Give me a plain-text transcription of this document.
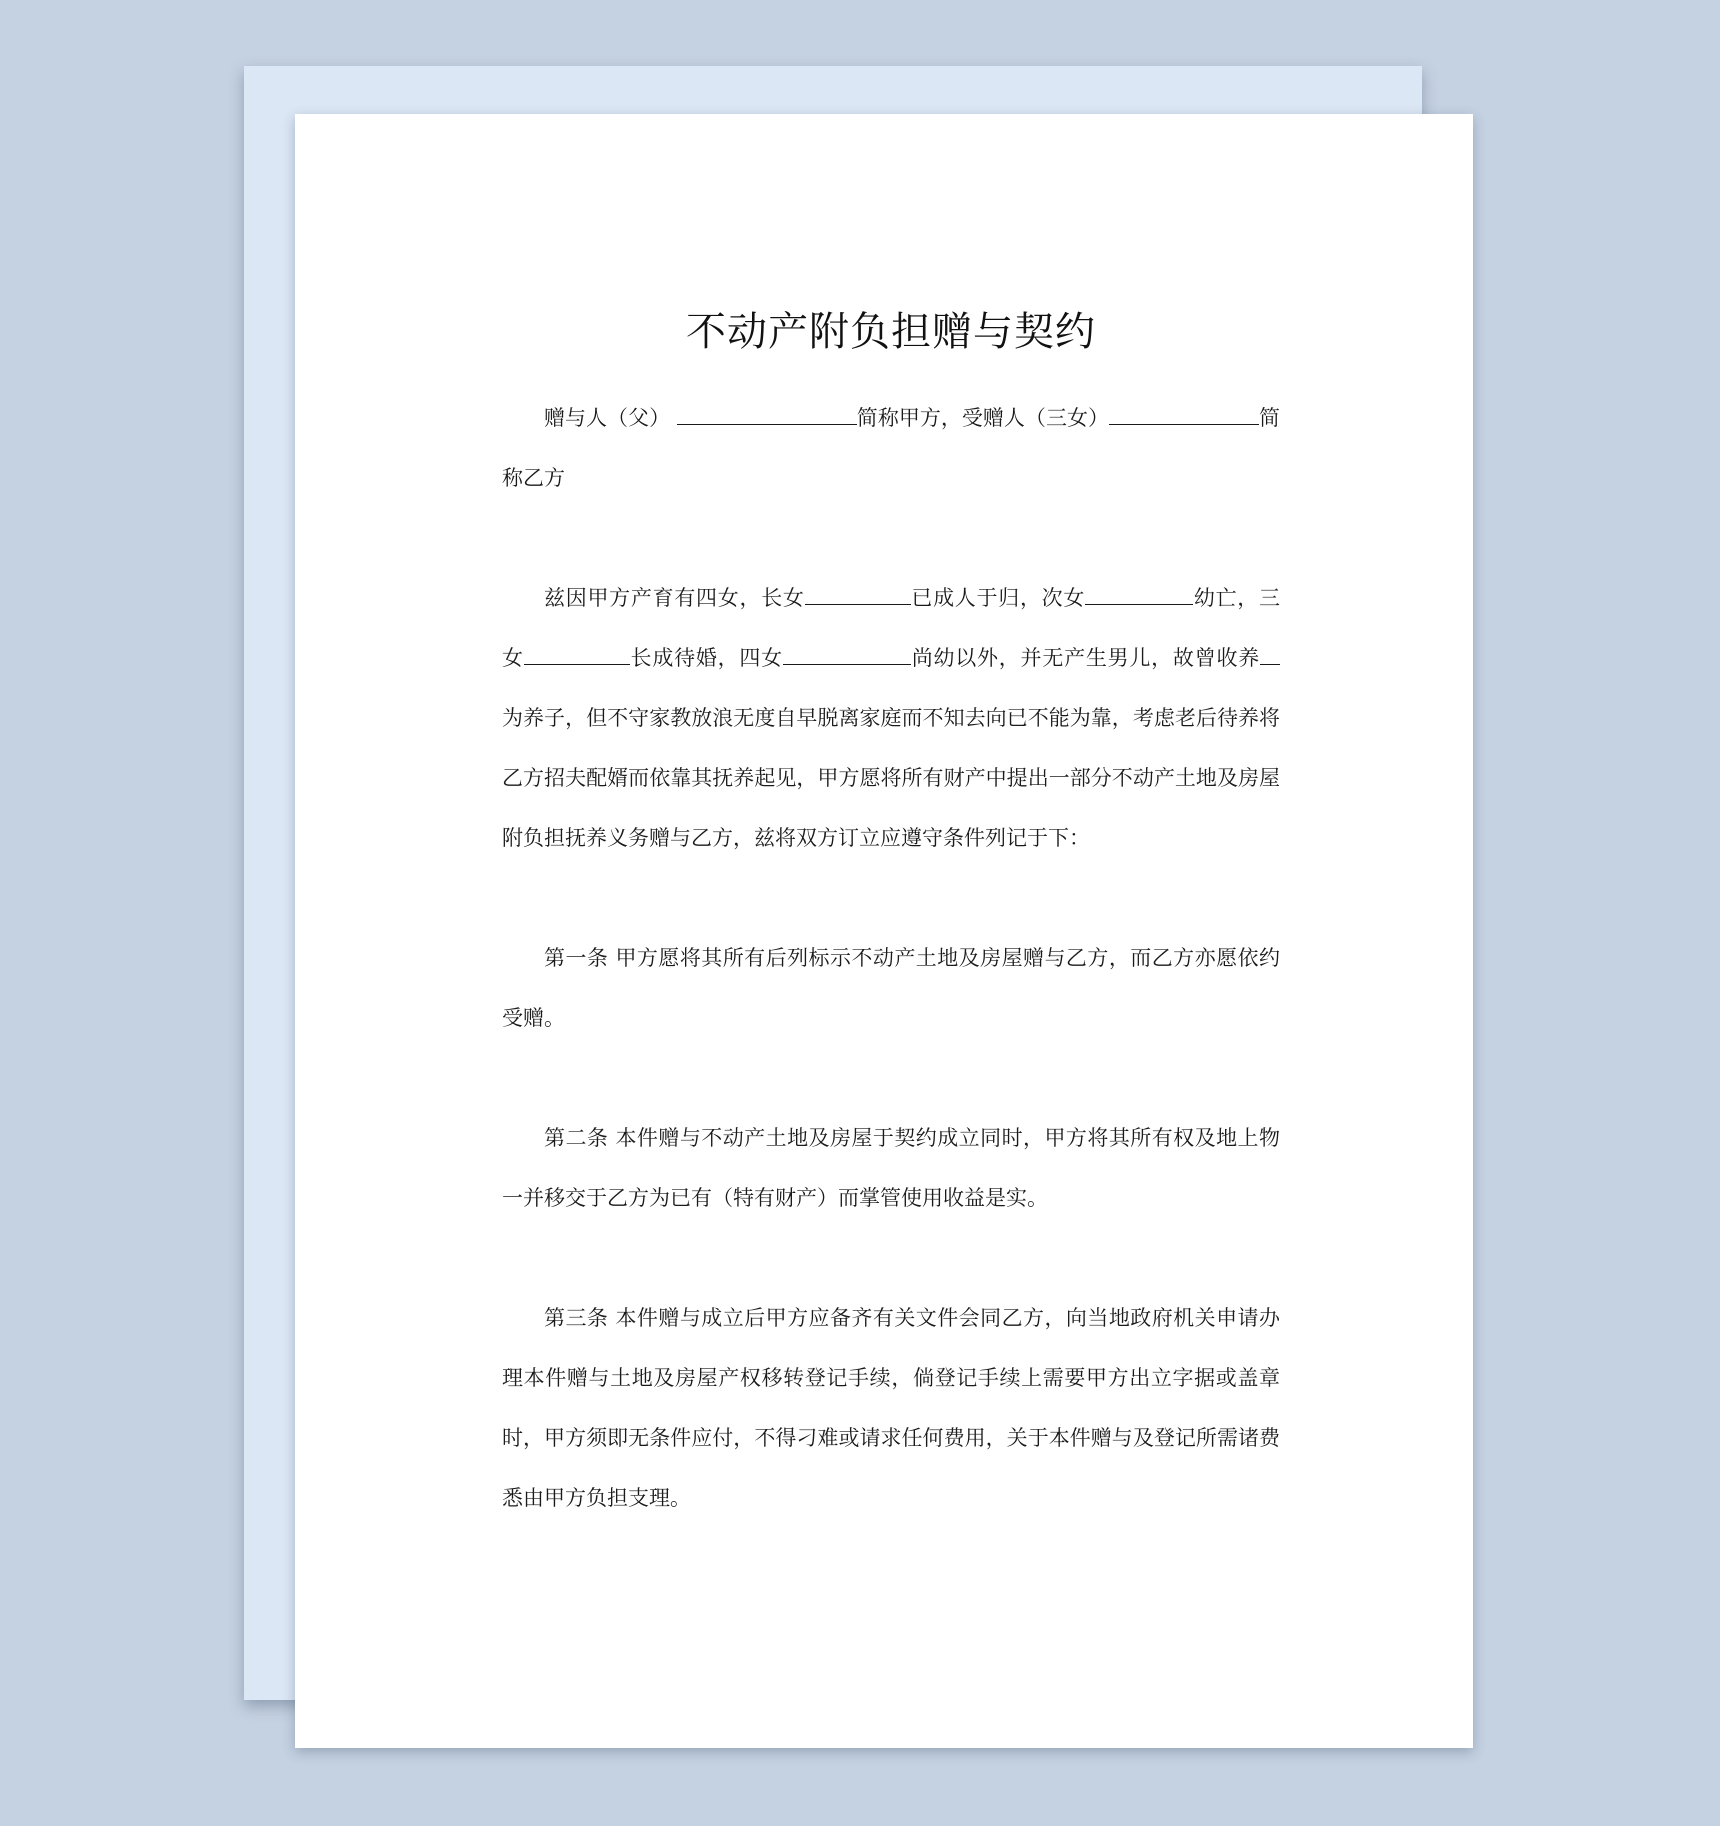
不动产附负担赠与契约

赠与人（父）	简称甲方，受赠人（三女）	简称乙方

兹因甲方产育有四女，长女	已成人于归，次女	幼亡，三女	长成待婚，四女	尚幼以外，并无产生男儿，故曾收养为养子，但不守家教放浪无度自早脱离家庭而不知去向已不能为靠，考虑老后待养将乙方招夫配婿而依靠其抚养起见，甲方愿将所有财产中提出一部分不动产土地及房屋附负担抚养义务赠与乙方，兹将双方订立应遵守条件列记于下：

第一条 甲方愿将其所有后列标示不动产土地及房屋赠与乙方，而乙方亦愿依约受赠。

第二条 本件赠与不动产土地及房屋于契约成立同时，甲方将其所有权及地上物一并移交于乙方为已有（特有财产）而掌管使用收益是实。

第三条 本件赠与成立后甲方应备齐有关文件会同乙方，向当地政府机关申请办理本件赠与土地及房屋产权移转登记手续，倘登记手续上需要甲方出立字据或盖章时，甲方须即无条件应付，不得刁难或请求任何费用，关于本件赠与及登记所需诸费悉由甲方负担支理。
